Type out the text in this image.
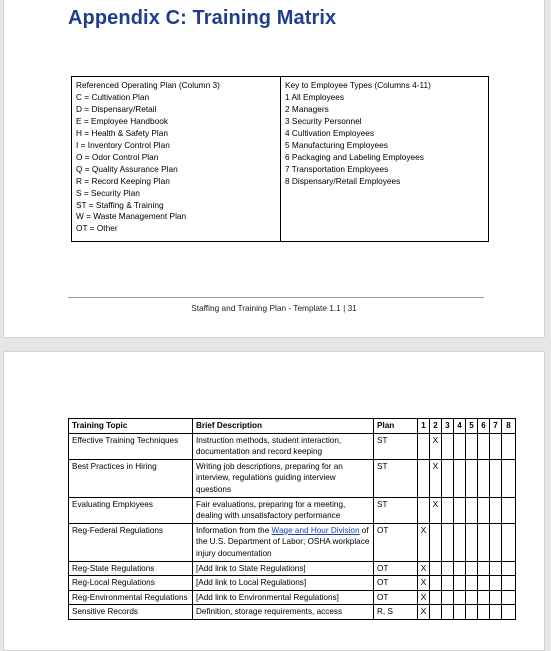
Appendix C: Training Matrix
Referenced Operating Plan (Column 3)
C = Cultivation Plan
D = Dispensary/Retail
E = Employee Handbook
H = Health & Safety Plan
I = Inventory Control Plan
O = Odor Control Plan
Q = Quality Assurance Plan
R = Record Keeping Plan
S = Security Plan
ST = Staffing & Training
W = Waste Management Plan
OT = Other
Key to Employee Types (Columns 4-11)
1 All Employees
2 Managers
3 Security Personnel
4 Cultivation Employees
5 Manufacturing Employees
6 Packaging and Labeling Employees
7 Transportation Employees
8 Dispensary/Retail Employees
Staffing and Training Plan - Template 1.1 | 31
Training Topic	Brief Description	Plan	1	2	3	4	5	6	7	8
Effective Training Techniques	Instruction methods, student interaction, documentation and record keeping	ST		X						
Best Practices in Hiring	Writing job descriptions, preparing for an interview, regulations guiding interview questions	ST		X						
Evaluating Employees	Fair evaluations, preparing for a meeting, dealing with unsatisfactory performance	ST		X						
Reg-Federal Regulations	Information from the Wage and Hour Division of the U.S. Department of Labor; OSHA workplace injury documentation	OT	X							
Reg-State Regulations	[Add link to State Regulations]	OT	X							
Reg-Local Regulations	[Add link to Local Regulations]	OT	X							
Reg-Environmental Regulations	[Add link to Environmental Regulations]	OT	X							
Sensitive Records	Definition, storage requirements, access	R, S	X							
